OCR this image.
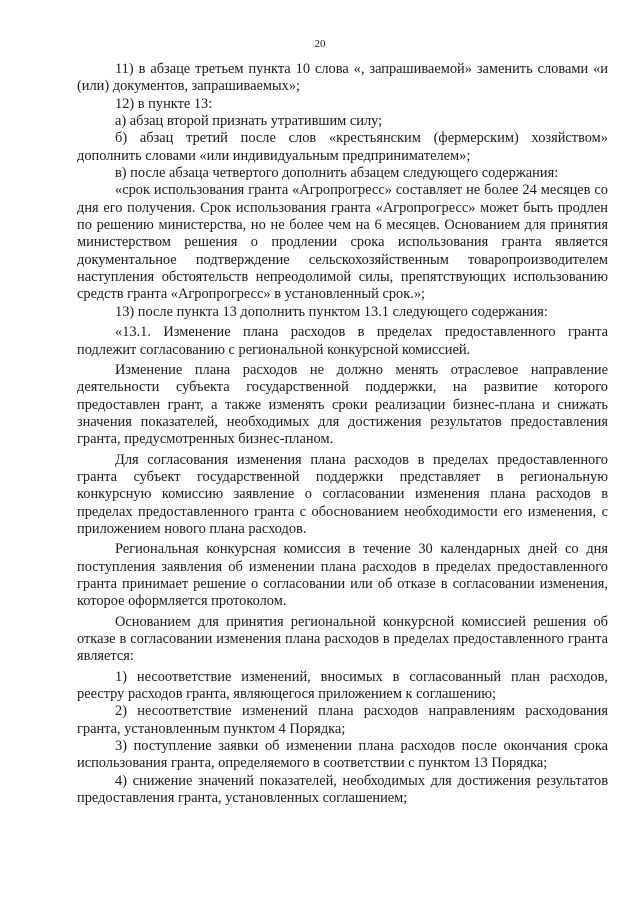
20

11) в абзаце третьем пункта 10 слова «, запрашиваемой» заменить словами «и (или) документов, запрашиваемых»;

12) в пункте 13:

а) абзац второй признать утратившим силу;

б) абзац третий после слов «крестьянским (фермерским) хозяйством» дополнить словами «или индивидуальным предпринимателем»;

в) после абзаца четвертого дополнить абзацем следующего содержания:

«срок использования гранта «Агропрогресс» составляет не более 24 месяцев со дня его получения. Срок использования гранта «Агропрогресс» может быть продлен по решению министерства, но не более чем на 6 месяцев. Основанием для принятия министерством решения о продлении срока использования гранта является документальное подтверждение сельскохозяйственным товаропроизводителем наступления обстоятельств непреодолимой силы, препятствующих использованию средств гранта «Агропрогресс» в установленный срок.»;

13) после пункта 13 дополнить пунктом 13.1 следующего содержания:

«13.1. Изменение плана расходов в пределах предоставленного гранта подлежит согласованию с региональной конкурсной комиссией.

Изменение плана расходов не должно менять отраслевое направление деятельности субъекта государственной поддержки, на развитие которого предоставлен грант, а также изменять сроки реализации бизнес-плана и снижать значения показателей, необходимых для достижения результатов предоставления гранта, предусмотренных бизнес-планом.

Для согласования изменения плана расходов в пределах предоставленного гранта субъект государственной поддержки представляет в региональную конкурсную комиссию заявление о согласовании изменения плана расходов в пределах предоставленного гранта с обоснованием необходимости его изменения, с приложением нового плана расходов.

Региональная конкурсная комиссия в течение 30 календарных дней со дня поступления заявления об изменении плана расходов в пределах предоставленного гранта принимает решение о согласовании или об отказе в согласовании изменения, которое оформляется протоколом.

Основанием для принятия региональной конкурсной комиссией решения об отказе в согласовании изменения плана расходов в пределах предоставленного гранта является:

1) несоответствие изменений, вносимых в согласованный план расходов, реестру расходов гранта, являющегося приложением к соглашению;

2) несоответствие изменений плана расходов направлениям расходования гранта, установленным пунктом 4 Порядка;

3) поступление заявки об изменении плана расходов после окончания срока использования гранта, определяемого в соответствии с пунктом 13 Порядка;

4) снижение значений показателей, необходимых для достижения результатов предоставления гранта, установленных соглашением;
